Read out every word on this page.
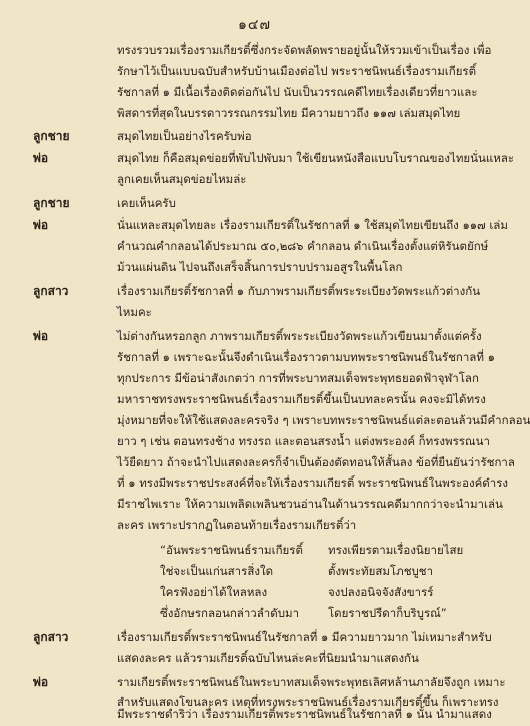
๑๔๗
ทรงรวบรวมเรื่องรามเกียรติ์ซึ่งกระจัดพลัดพรายอยู่นั้นให้รวมเข้าเป็นเรื่อง เพื่อ
รักษาไว้เป็นแบบฉบับสำหรับบ้านเมืองต่อไป พระราชนิพนธ์เรื่องรามเกียรติ์
รัชกาลที่ ๑ มีเนื้อเรื่องติดต่อกันไป นับเป็นวรรณคดีไทยเรื่องเดียวที่ยาวและ
พิสดารที่สุดในบรรดาวรรณกรรมไทย มีความยาวถึง ๑๑๗ เล่มสมุดไทย
ลูกชาย	สมุดไทยเป็นอย่างไรครับพ่อ
พ่อ	สมุดไทย ก็คือสมุดข่อยที่พับไปพับมา ใช้เขียนหนังสือแบบโบราณของไทยนั่นแหละ
ลูกเคยเห็นสมุดข่อยไหมล่ะ
ลูกชาย	เคยเห็นครับ
พ่อ	นั่นแหละสมุดไทยละ เรื่องรามเกียรติ์ในรัชกาลที่ ๑ ใช้สมุดไทยเขียนถึง ๑๑๗ เล่ม
คำนวณคำกลอนได้ประมาณ ๕๐,๒๘๖ คำกลอน ดำเนินเรื่องตั้งแต่หิรันตยักษ์
ม้วนแผ่นดิน ไปจนถึงเสร็จสิ้นการปราบปรามอสูรในพื้นโลก
ลูกสาว	เรื่องรามเกียรติ์รัชกาลที่ ๑ กับภาพรามเกียรติ์พระระเบียงวัดพระแก้วต่างกัน
ไหมคะ
พ่อ	ไม่ต่างกันหรอกลูก ภาพรามเกียรติ์พระระเบียงวัดพระแก้วเขียนมาตั้งแต่ครั้ง
รัชกาลที่ ๑ เพราะฉะนั้นจึงดำเนินเรื่องราวตามบทพระราชนิพนธ์ในรัชกาลที่ ๑
ทุกประการ มีข้อน่าสังเกตว่า การที่พระบาทสมเด็จพระพุทธยอดฟ้าจุฬาโลก
มหาราชทรงพระราชนิพนธ์เรื่องรามเกียรติ์ขึ้นเป็นบทละครนั้น คงจะมิได้ทรง
มุ่งหมายที่จะให้ใช้แสดงละครจริง ๆ เพราะบทพระราชนิพนธ์แต่ละตอนล้วนมีคำกลอน
ยาว ๆ เช่น ตอนทรงช้าง ทรงรถ และตอนสรงน้ำ แต่งพระองค์ ก็ทรงพรรณนา
ไว้ยืดยาว ถ้าจะนำไปแสดงละครก็จำเป็นต้องตัดทอนให้สั้นลง ข้อที่ยืนยันว่ารัชกาล
ที่ ๑ ทรงมีพระราชประสงค์ที่จะให้เรื่องรามเกียรติ์ พระราชนิพนธ์ในพระองค์ดำรง
มีราชไพเราะ ให้ความเพลิดเพลินชวนอ่านในด้านวรรณคดีมากกว่าจะนำมาเล่น
ละคร เพราะปรากฏในตอนท้ายเรื่องรามเกียรติ์ว่า
“อันพระราชนิพนธ์รามเกียรติ์ ทรงเพียรตามเรื่องนิยายไสย
ใช่จะเป็นแก่นสารสิ่งใด	ตั้งพระทัยสมโภชบูชา
ใครฟังอย่าได้ใหลหลง	จงปลงอนิจจังสังขารร์
ซึ่งอักษรกลอนกล่าวลำดับมา	โดยราชปรีดาก็บริบูรณ์”
ลูกสาว	เรื่องรามเกียรติ์พระราชนิพนธ์ในรัชกาลที่ ๑ มีความยาวมาก ไม่เหมาะสำหรับ
แสดงละคร แล้วรามเกียรติ์ฉบับไหนล่ะคะที่นิยมนำมาแสดงกัน
พ่อ	รามเกียรติ์พระราชนิพนธ์ในพระบาทสมเด็จพระพุทธเลิศหล้านภาลัยจึงถูก เหมาะ
สำหรับแสดงโขนละคร เหตุที่ทรงพระราชนิพนธ์เรื่องรามเกียรติ์ขึ้น ก็เพราะทรง
มีพระราชดำริว่า เรื่องรามเกียรติ์พระราชนิพนธ์ในรัชกาลที่ ๑ นั้น นำมาแสดง
